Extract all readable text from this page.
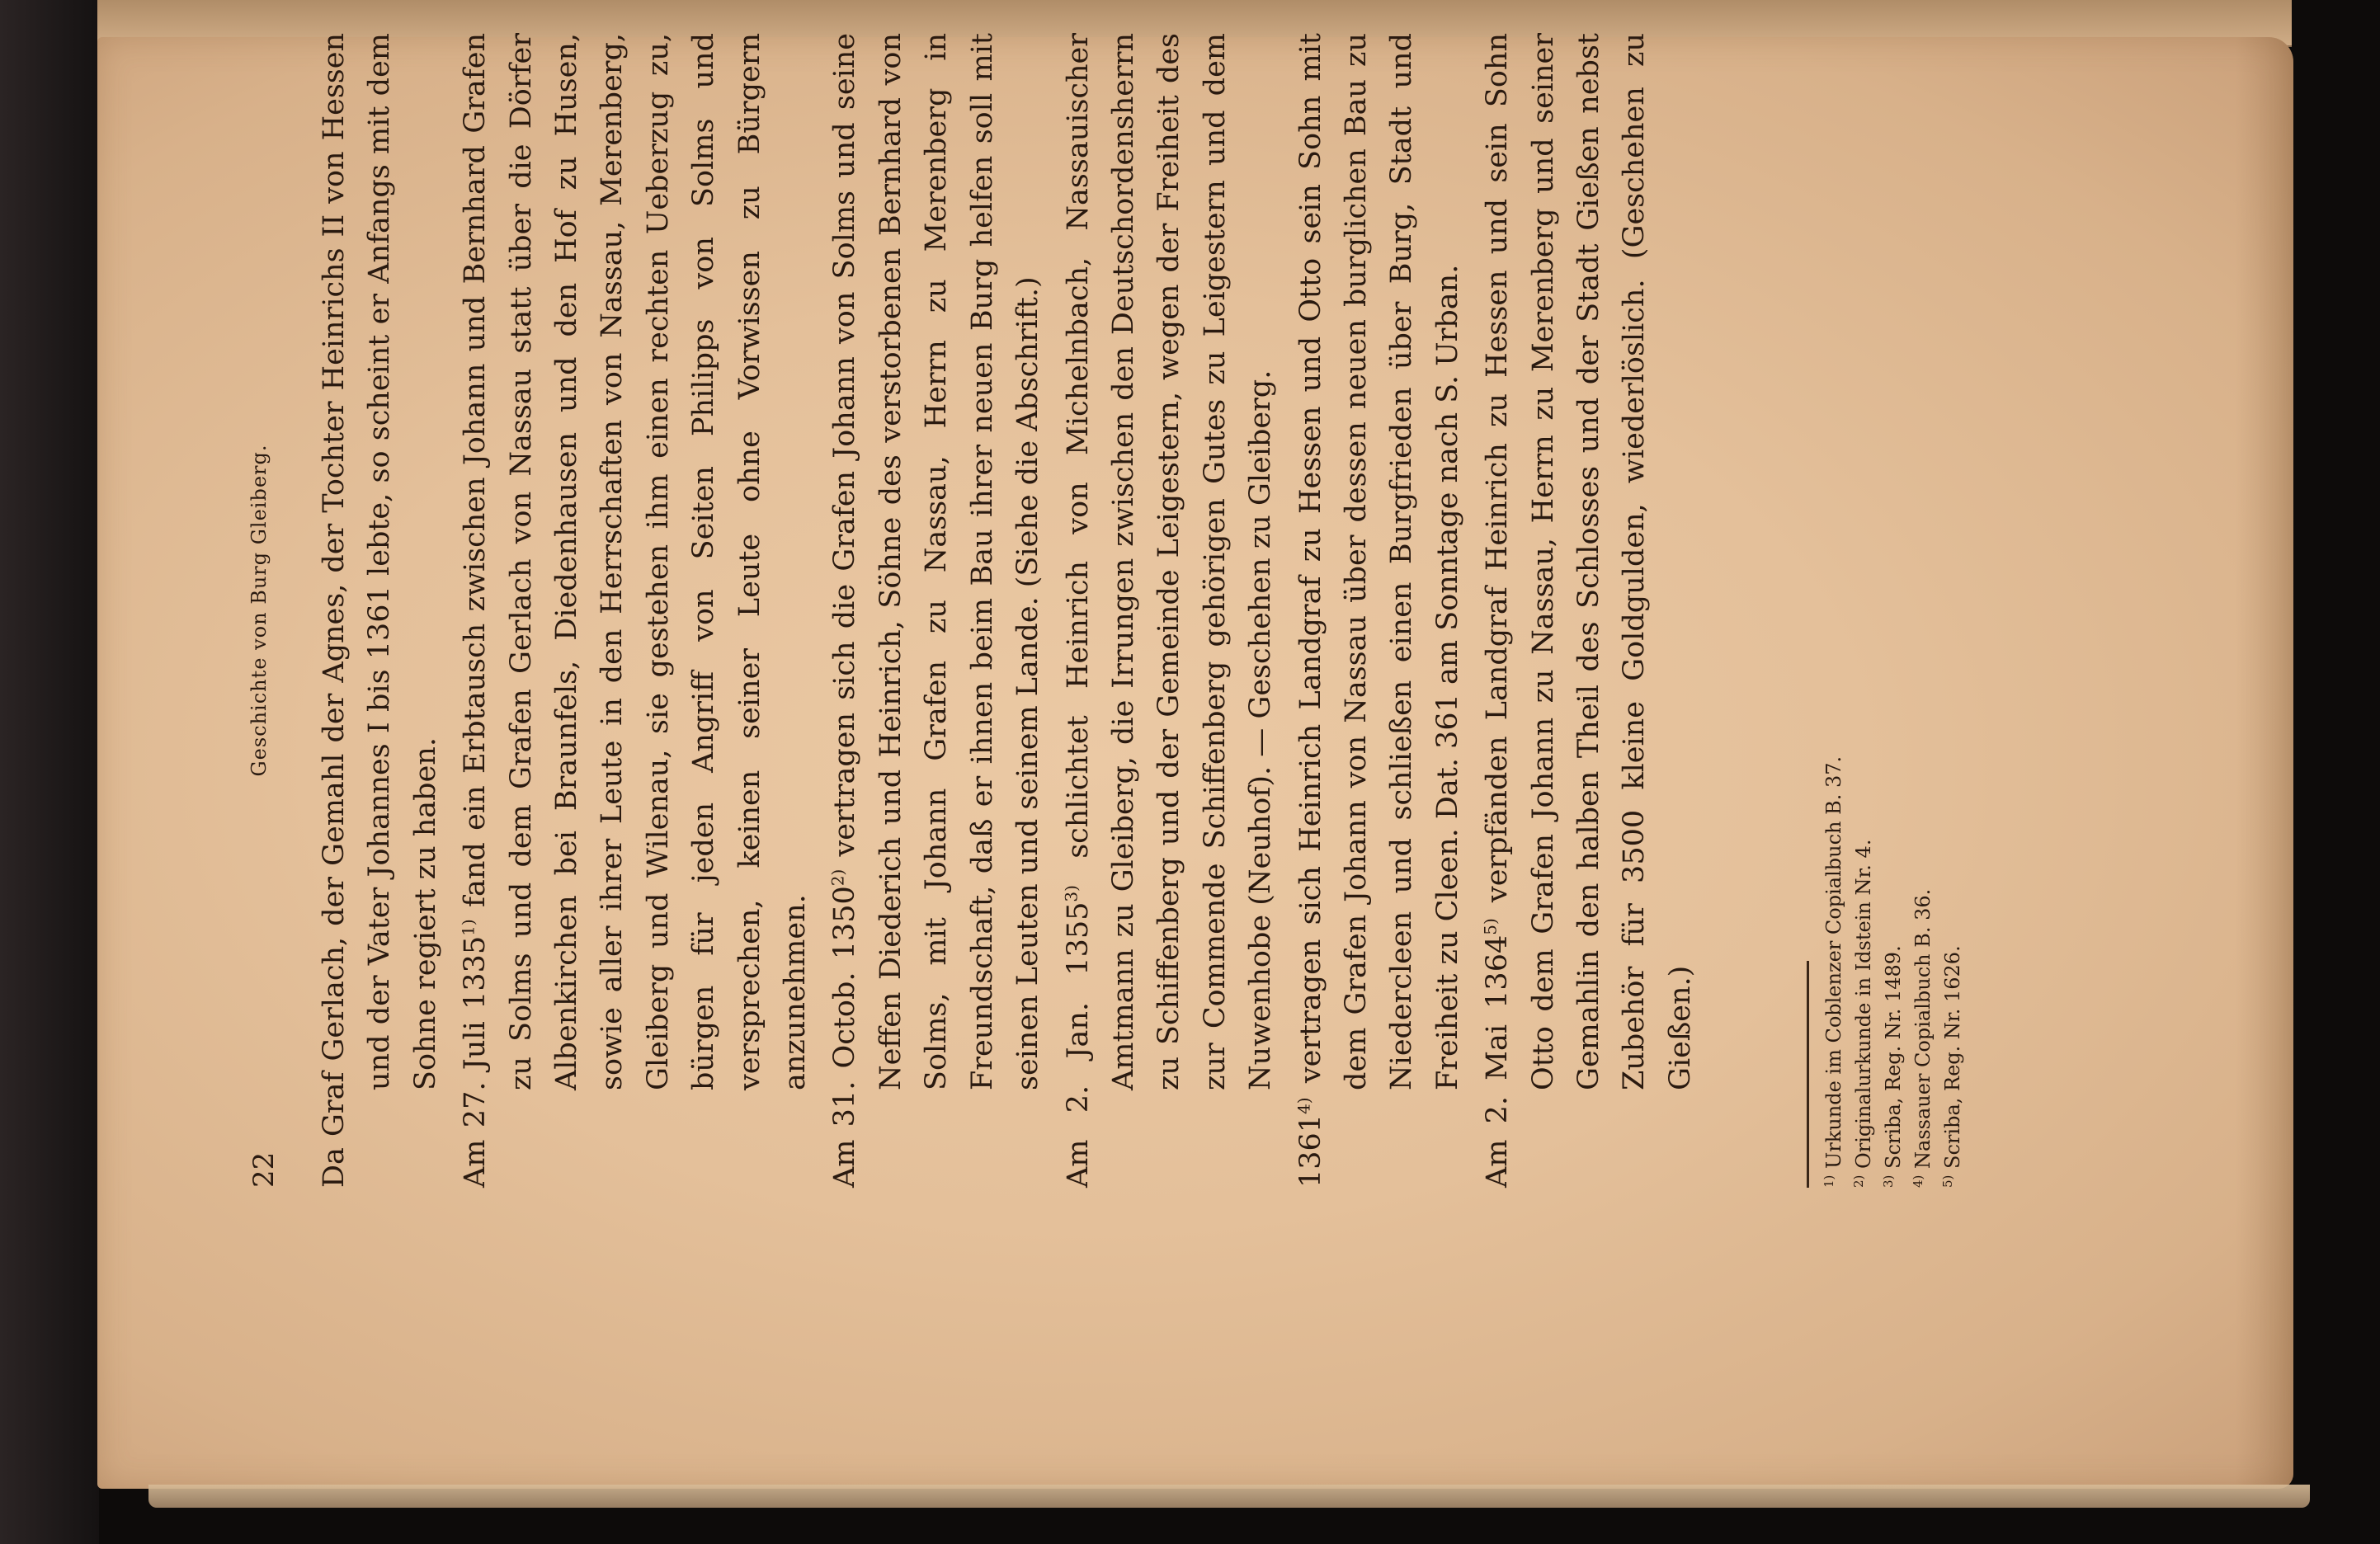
22
Geschichte von Burg Gleiberg. Da Graf Gerlach, der Gemahl der Agnes, der Tochter Heinrichs II von Hessen und der Vater Johannes I bis 1361 lebte, so scheint er Anfangs mit dem Sohne regiert zu haben. Am 27. Juli 1335$^{1)}$ fand ein Erbtausch zwischen Johann und Bernhard Grafen zu Solms und dem Grafen Gerlach von Nassau statt über die Dörfer Albenkirchen bei Braunfels, Diedenhausen und den Hof zu Husen, sowie aller ihrer Leute in den Herrschaften von Nassau, Merenberg, Gleiberg und Wilenau, sie gestehen ihm einen rechten Ueberzug zu, bürgen für jeden Angriff von Seiten Philipps von Solms und versprechen, keinen seiner Leute ohne Vorwissen zu Bürgern anzunehmen. Am 31. Octob. 1350$^{2)}$ vertragen sich die Grafen Johann von Solms und seine Neffen Diederich und Heinrich, Söhne des verstorbenen Bernhard von Solms, mit Johann Grafen zu Nassau, Herrn zu Merenberg in Freundschaft, daß er ihnen beim Bau ihrer neuen Burg helfen soll mit seinen Leuten und seinem Lande. (Siehe die Abschrift.) Am 2. Jan. 1355$^{3)}$ schlichtet Heinrich von Michelnbach, Nassauischer Amtmann zu Gleiberg, die Irrungen zwischen den Deutschordensherrn zu Schiffenberg und der Gemeinde Leigestern, wegen der Freiheit des zur Commende Schiffenberg gehörigen Gutes zu Leigestern und dem Nuwenhobe (Neuhof). — Geschehen zu Gleiberg.

1361$^{4)}$ vertragen sich Heinrich Landgraf zu Hessen und Otto sein Sohn mit dem Grafen Johann von Nassau über dessen neuen burglichen Bau zu Niedercleen und schließen einen Burgfrieden über Burg, Stadt und Freiheit zu Cleen. Dat. 361 am Sonntage nach S. Urban. Am 2. Mai 1364$^{5)}$ verpfänden Landgraf Heinrich zu Hessen und sein Sohn Otto dem Grafen Johann zu Nassau, Herrn zu Merenberg und seiner Gemahlin den halben Theil des Schlosses und der Stadt Gießen nebst Zubehör für 3500 kleine Goldgulden, wiederlöslich. (Geschehen zu Gießen.)

$^{1)}$ Urkunde im Coblenzer Copialbuch B. 37.

$^{2)}$ Originalurkunde in Idstein Nr. 4.

$^{3)}$ Scriba, Reg. Nr. 1489.

$^{4)}$ Nassauer Copialbuch B. 36.

$^{5)}$ Scriba, Reg. Nr. 1626.
